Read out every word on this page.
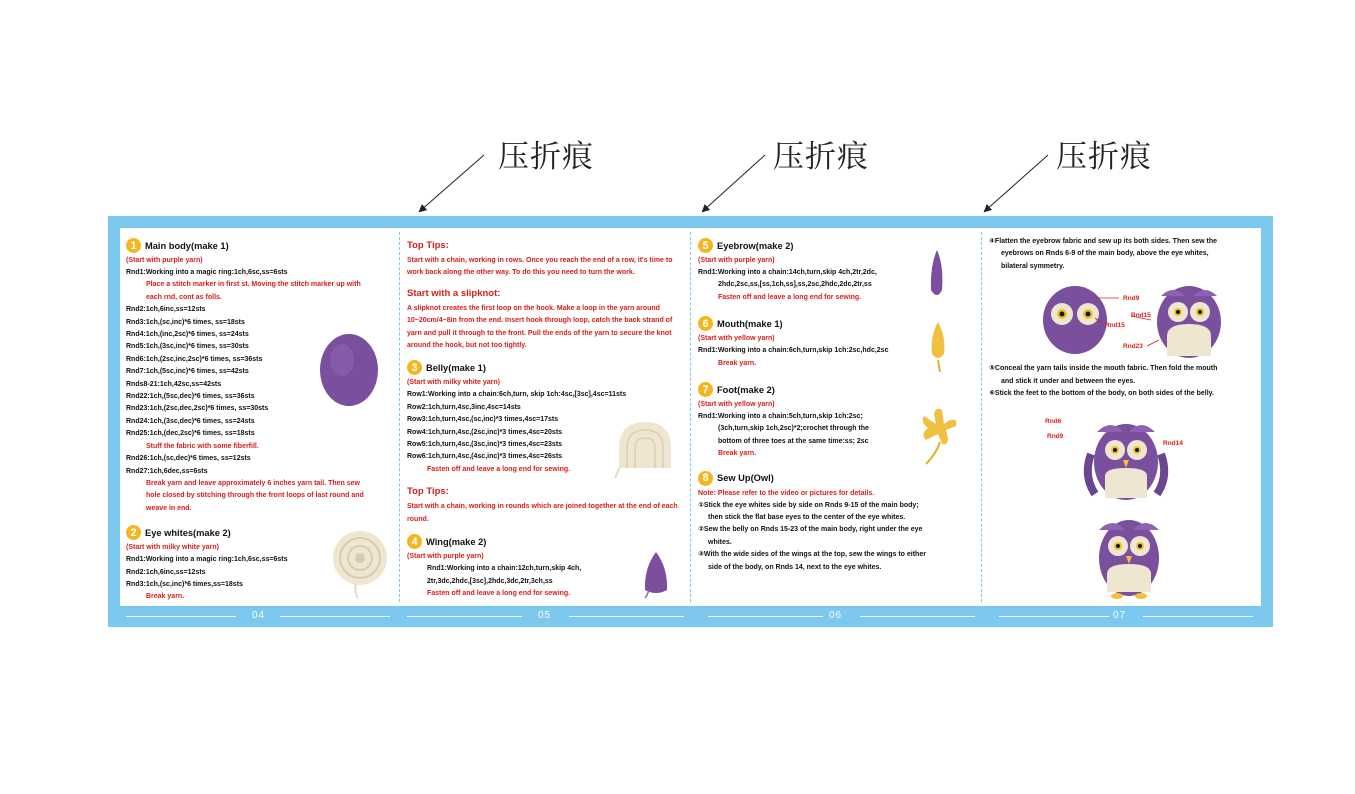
压折痕	压折痕	压折痕
1 Main body(make 1)
(Start with purple yarn)
Rnd1:Working into a magic ring:1ch,6sc,ss=6sts
Place a stitch marker in first st. Moving the stitch marker up with
each rnd, cont as folls.
Rnd2:1ch,6inc,ss=12sts
Rnd3:1ch,(sc,inc)*6 times, ss=18sts
Rnd4:1ch,(inc,2sc)*6 times, ss=24sts
Rnd5:1ch,(3sc,inc)*6 times, ss=30sts
Rnd6:1ch,(2sc,inc,2sc)*6 times, ss=36sts
Rnd7:1ch,(5sc,inc)*6 times, ss=42sts
Rnds8-21:1ch,42sc,ss=42sts
Rnd22:1ch,(5sc,dec)*6 times, ss=36sts
Rnd23:1ch,(2sc,dec,2sc)*6 times, ss=30sts
Rnd24:1ch,(3sc,dec)*6 times, ss=24sts
Rnd25:1ch,(dec,2sc)*6 times, ss=18sts
Stuff the fabric with some fiberfill.
Rnd26:1ch,(sc,dec)*6 times, ss=12sts
Rnd27:1ch,6dec,ss=6sts
Break yarn and leave approximately 6 inches yarn tail. Then sew
hole closed by stitching through the front loops of last round and
weave in end.
2 Eye whites(make 2)
(Start with milky white yarn)
Rnd1:Working into a magic ring:1ch,6sc,ss=6sts
Rnd2:1ch,6inc,ss=12sts
Rnd3:1ch,(sc,inc)*6 times,ss=18sts
Break yarn.
Top Tips:
Start with a chain, working in rows. Once you reach the end of a row, it's time to work back along the other way. To do this you need to turn the work.
Start with a slipknot:
A slipknot creates the first loop on the hook. Make a loop in the yarn around 10~20cm/4~8in from the end. Insert hook through loop, catch the back strand of yarn and pull it through to the front. Pull the ends of the yarn to secure the knot around the hook, but not too tightly.
3 Belly(make 1)
(Start with milky white yarn)
Row1:Working into a chain:6ch,turn, skip 1ch:4sc,[3sc],4sc=11sts
Row2:1ch,turn,4sc,3inc,4sc=14sts
Row3:1ch,turn,4sc,(sc,inc)*3 times,4sc=17sts
Row4:1ch,turn,4sc,(2sc,inc)*3 times,4sc=20sts
Row5:1ch,turn,4sc,(3sc,inc)*3 times,4sc=23sts
Row6:1ch,turn,4sc,(4sc,inc)*3 times,4sc=26sts
Fasten off and leave a long end for sewing.
Top Tips:
Start with a chain, working in rounds which are joined together at the end of each round.
4 Wing(make 2)
(Start with purple yarn)
Rnd1:Working into a chain:12ch,turn,skip 4ch,
2tr,3dc,2hdc,[3sc],2hdc,3dc,2tr,3ch,ss
Fasten off and leave a long end for sewing.
5 Eyebrow(make 2)
(Start with purple yarn)
Rnd1:Working into a chain:14ch,turn,skip 4ch,2tr,2dc,
2hdc,2sc,ss,[ss,1ch,ss],ss,2sc,2hdc,2dc,2tr,ss
Fasten off and leave a long end for sewing.
6 Mouth(make 1)
(Start with yellow yarn)
Rnd1:Working into a chain:6ch,turn,skip 1ch:2sc,hdc,2sc
Break yarn.
7 Foot(make 2)
(Start with yellow yarn)
Rnd1:Working into a chain:5ch,turn,skip 1ch:2sc;
(3ch,turn,skip 1ch,2sc)*2;crochet through the
bottom of three toes at the same time:ss; 2sc
Break yarn.
8 Sew Up(Owl)
Note: Please refer to the video or pictures for details.
①Stick the eye whites side by side on Rnds 9-15 of the main body;
then stick the flat base eyes to the center of the eye whites.
②Sew the belly on Rnds 15-23 of the main body, right under the eye
whites.
③With the wide sides of the wings at the top, sew the wings to either
side of the body, on Rnds 14, next to the eye whites.
④Flatten the eyebrow fabric and sew up its both sides. Then sew the
eyebrows on Rnds 6-9 of the main body, above the eye whites,
bilateral symmetry.
⑤Conceal the yarn tails inside the mouth fabric. Then fold the mouth
and stick it under and between the eyes.
⑥Stick the feet to the bottom of the body, on both sides of the belly.
Rnd9
Rnd15
Rnd15
Rnd23
Rnd6
Rnd9
Rnd14
04	05	06	07
